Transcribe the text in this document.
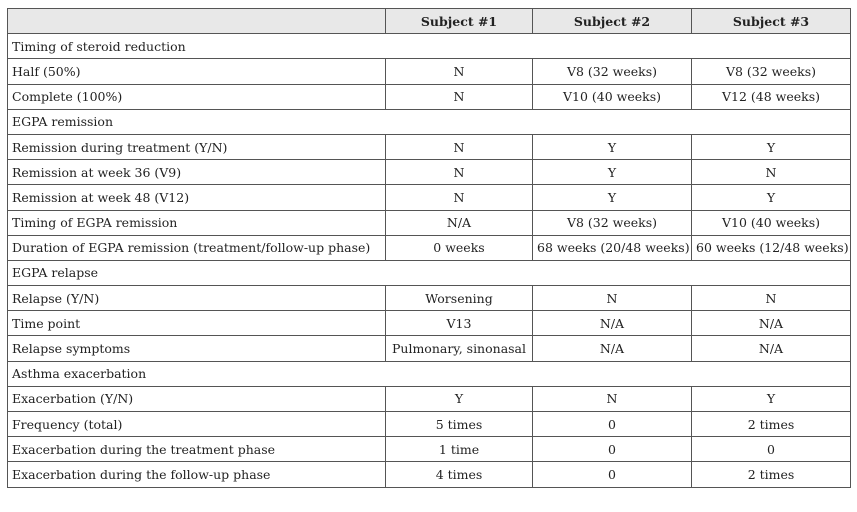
	Subject #1	Subject #2	Subject #3
Timing of steroid reduction			
Half (50%)	N	V8 (32 weeks)	V8 (32 weeks)
Complete (100%)	N	V10 (40 weeks)	V12 (48 weeks)
EGPA remission			
Remission during treatment (Y/N)	N	Y	Y
Remission at week 36 (V9)	N	Y	N
Remission at week 48 (V12)	N	Y	Y
Timing of EGPA remission	N/A	V8 (32 weeks)	V10 (40 weeks)
Duration of EGPA remission (treatment/follow-up phase)	0 weeks	68 weeks (20/48 weeks)	60 weeks (12/48 weeks)
EGPA relapse			
Relapse (Y/N)	Worsening	N	N
Time point	V13	N/A	N/A
Relapse symptoms	Pulmonary, sinonasal	N/A	N/A
Asthma exacerbation			
Exacerbation (Y/N)	Y	N	Y
Frequency (total)	5 times	0	2 times
Exacerbation during the treatment phase	1 time	0	0
Exacerbation during the follow-up phase	4 times	0	2 times
